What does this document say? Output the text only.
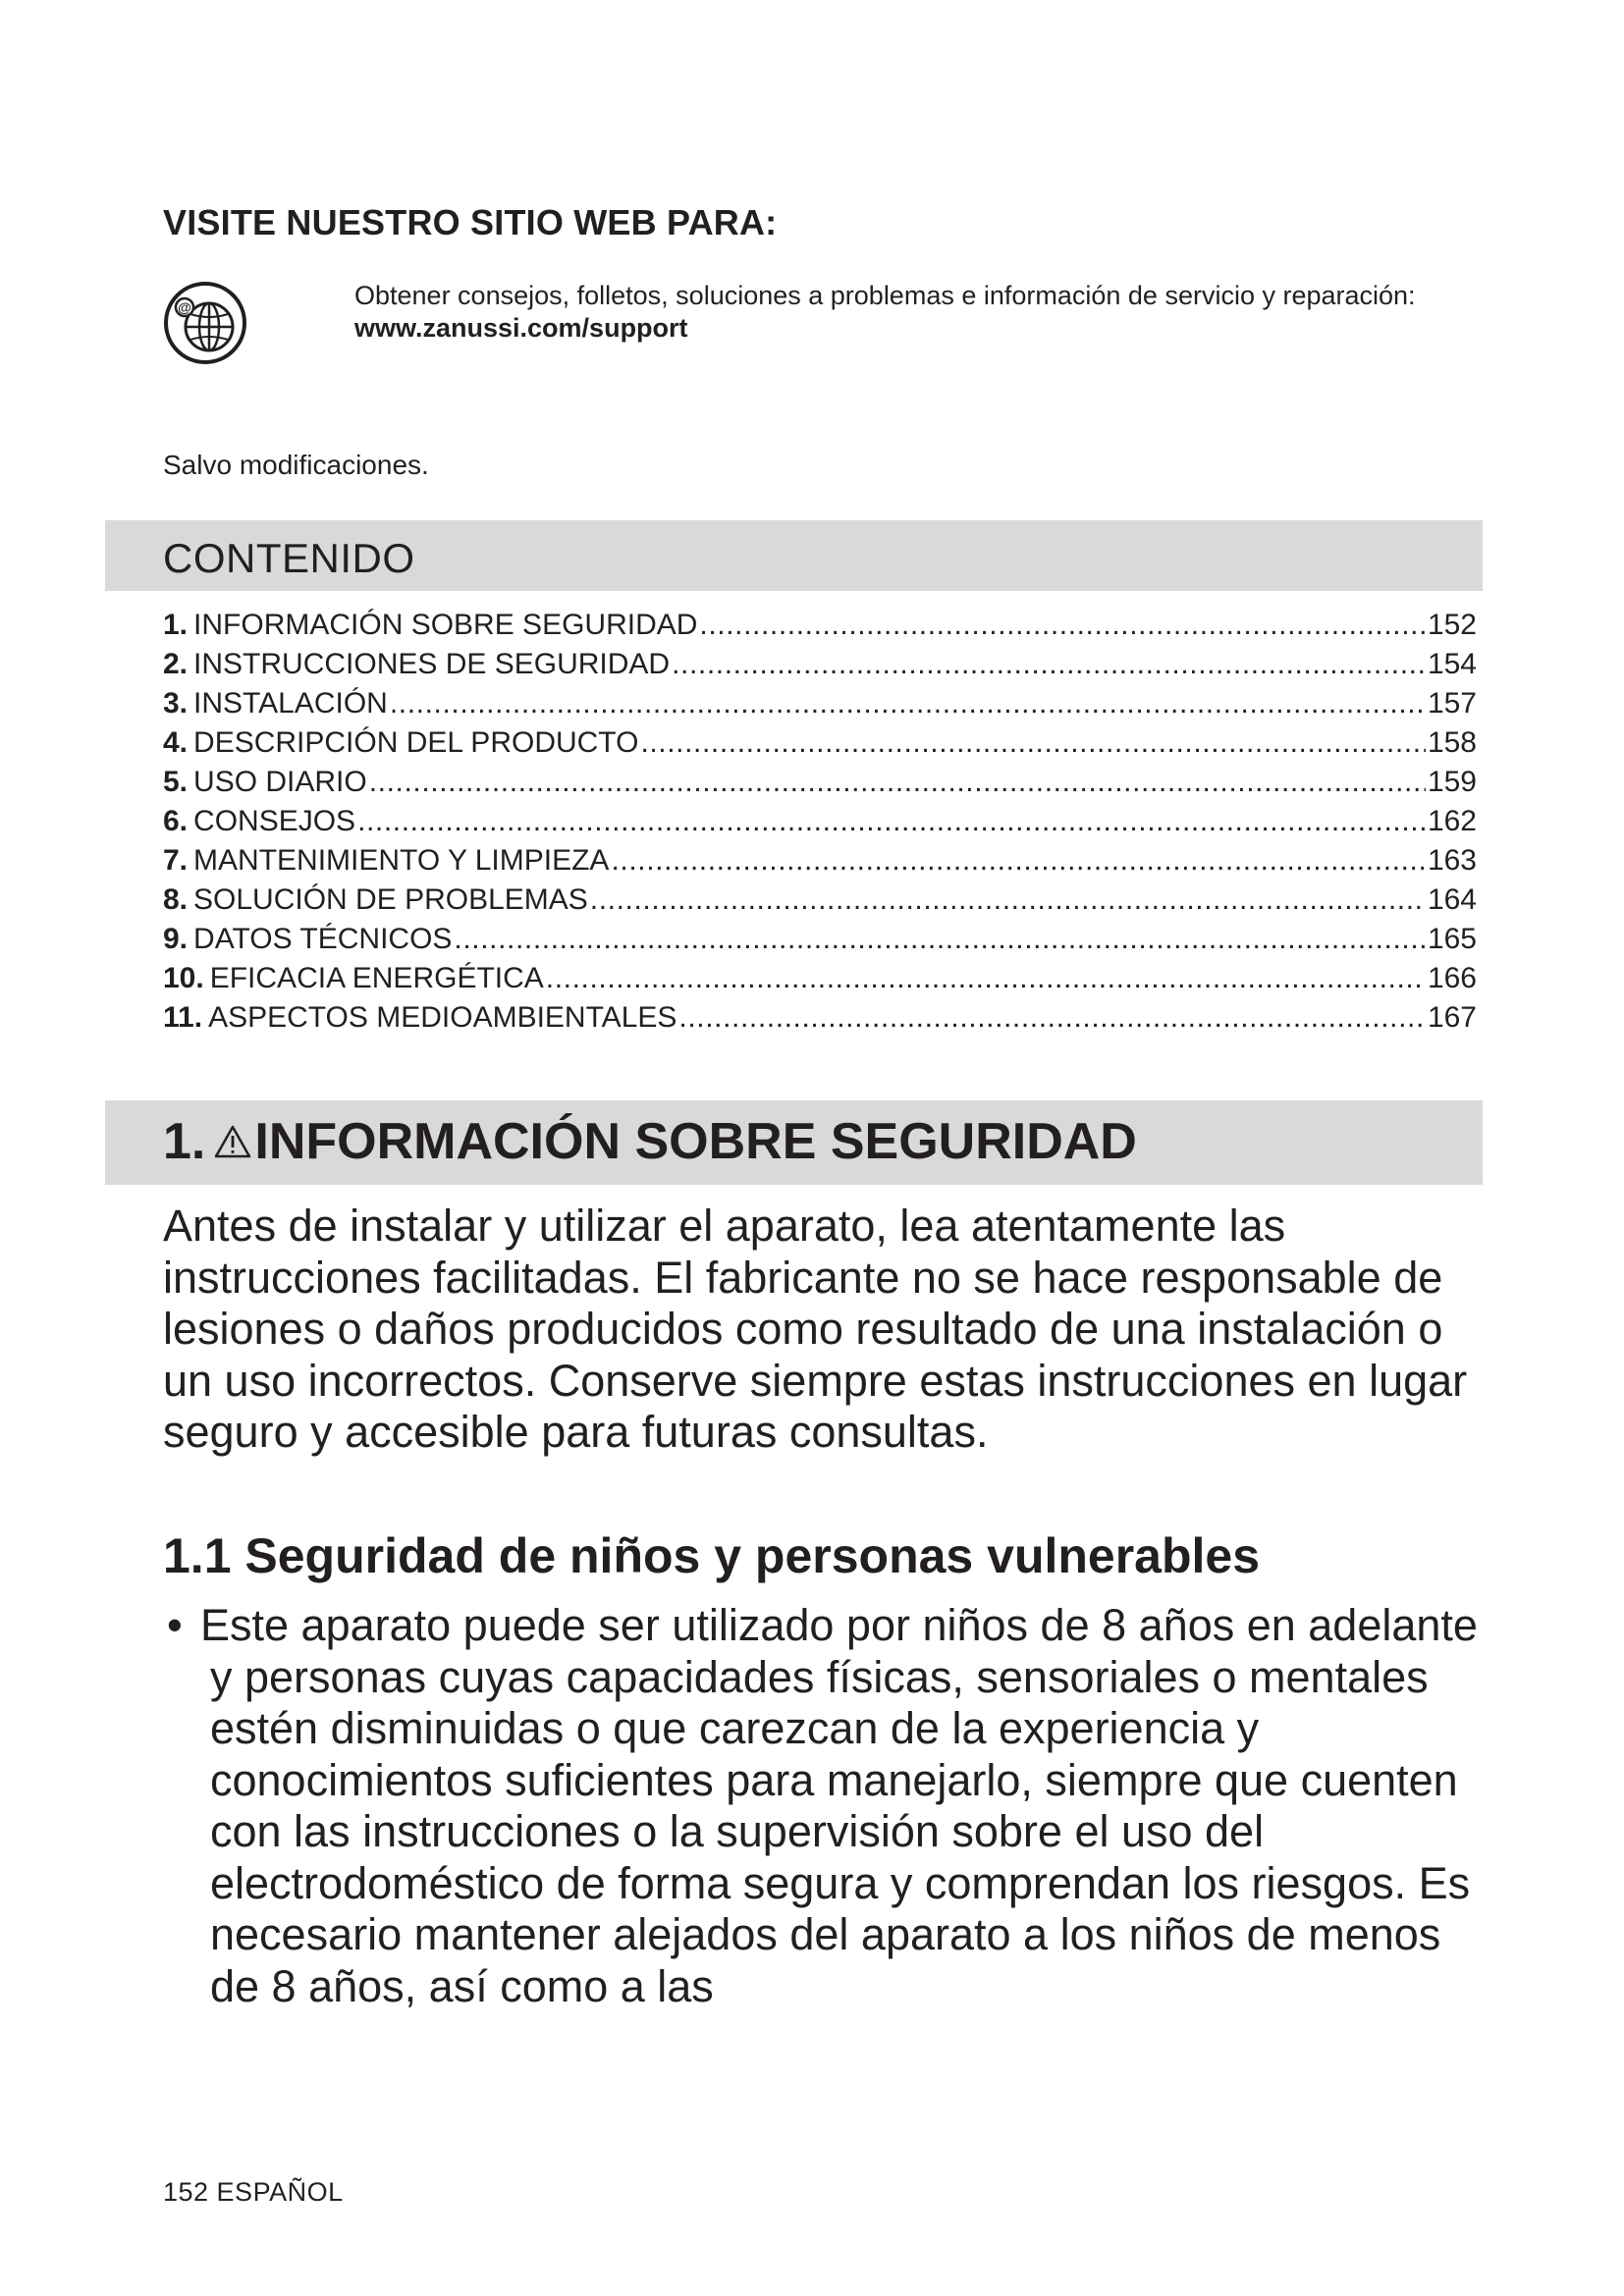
VISITE NUESTRO SITIO WEB PARA:
@	Obtener consejos, folletos, soluciones a problemas e información de servicio y reparación:
www.zanussi.com/support
Salvo modificaciones.
CONTENIDO
1. INFORMACIÓN SOBRE SEGURIDAD .....	152
2. INSTRUCCIONES DE SEGURIDAD .....	154
3. INSTALACIÓN .....	157
4. DESCRIPCIÓN DEL PRODUCTO .....	158
5. USO DIARIO .....	159
6. CONSEJOS .....	162
7. MANTENIMIENTO Y LIMPIEZA .....	163
8. SOLUCIÓN DE PROBLEMAS .....	164
9. DATOS TÉCNICOS .....	165
10. EFICACIA ENERGÉTICA .....	166
11. ASPECTOS MEDIOAMBIENTALES .....	167
1. INFORMACIÓN SOBRE SEGURIDAD
Antes de instalar y utilizar el aparato, lea atentamente las instrucciones facilitadas. El fabricante no se hace responsable de lesiones o daños producidos como resultado de una instalación o un uso incorrectos. Conserve siempre estas instrucciones en lugar seguro y accesible para futuras consultas.
1.1 Seguridad de niños y personas vulnerables
• Este aparato puede ser utilizado por niños de 8 años en adelante y personas cuyas capacidades físicas, sensoriales o mentales estén disminuidas o que carezcan de la experiencia y conocimientos suficientes para manejarlo, siempre que cuenten con las instrucciones o la supervisión sobre el uso del electrodoméstico de forma segura y comprendan los riesgos. Es necesario mantener alejados del aparato a los niños de menos de 8 años, así como a las
152 ESPAÑOL
